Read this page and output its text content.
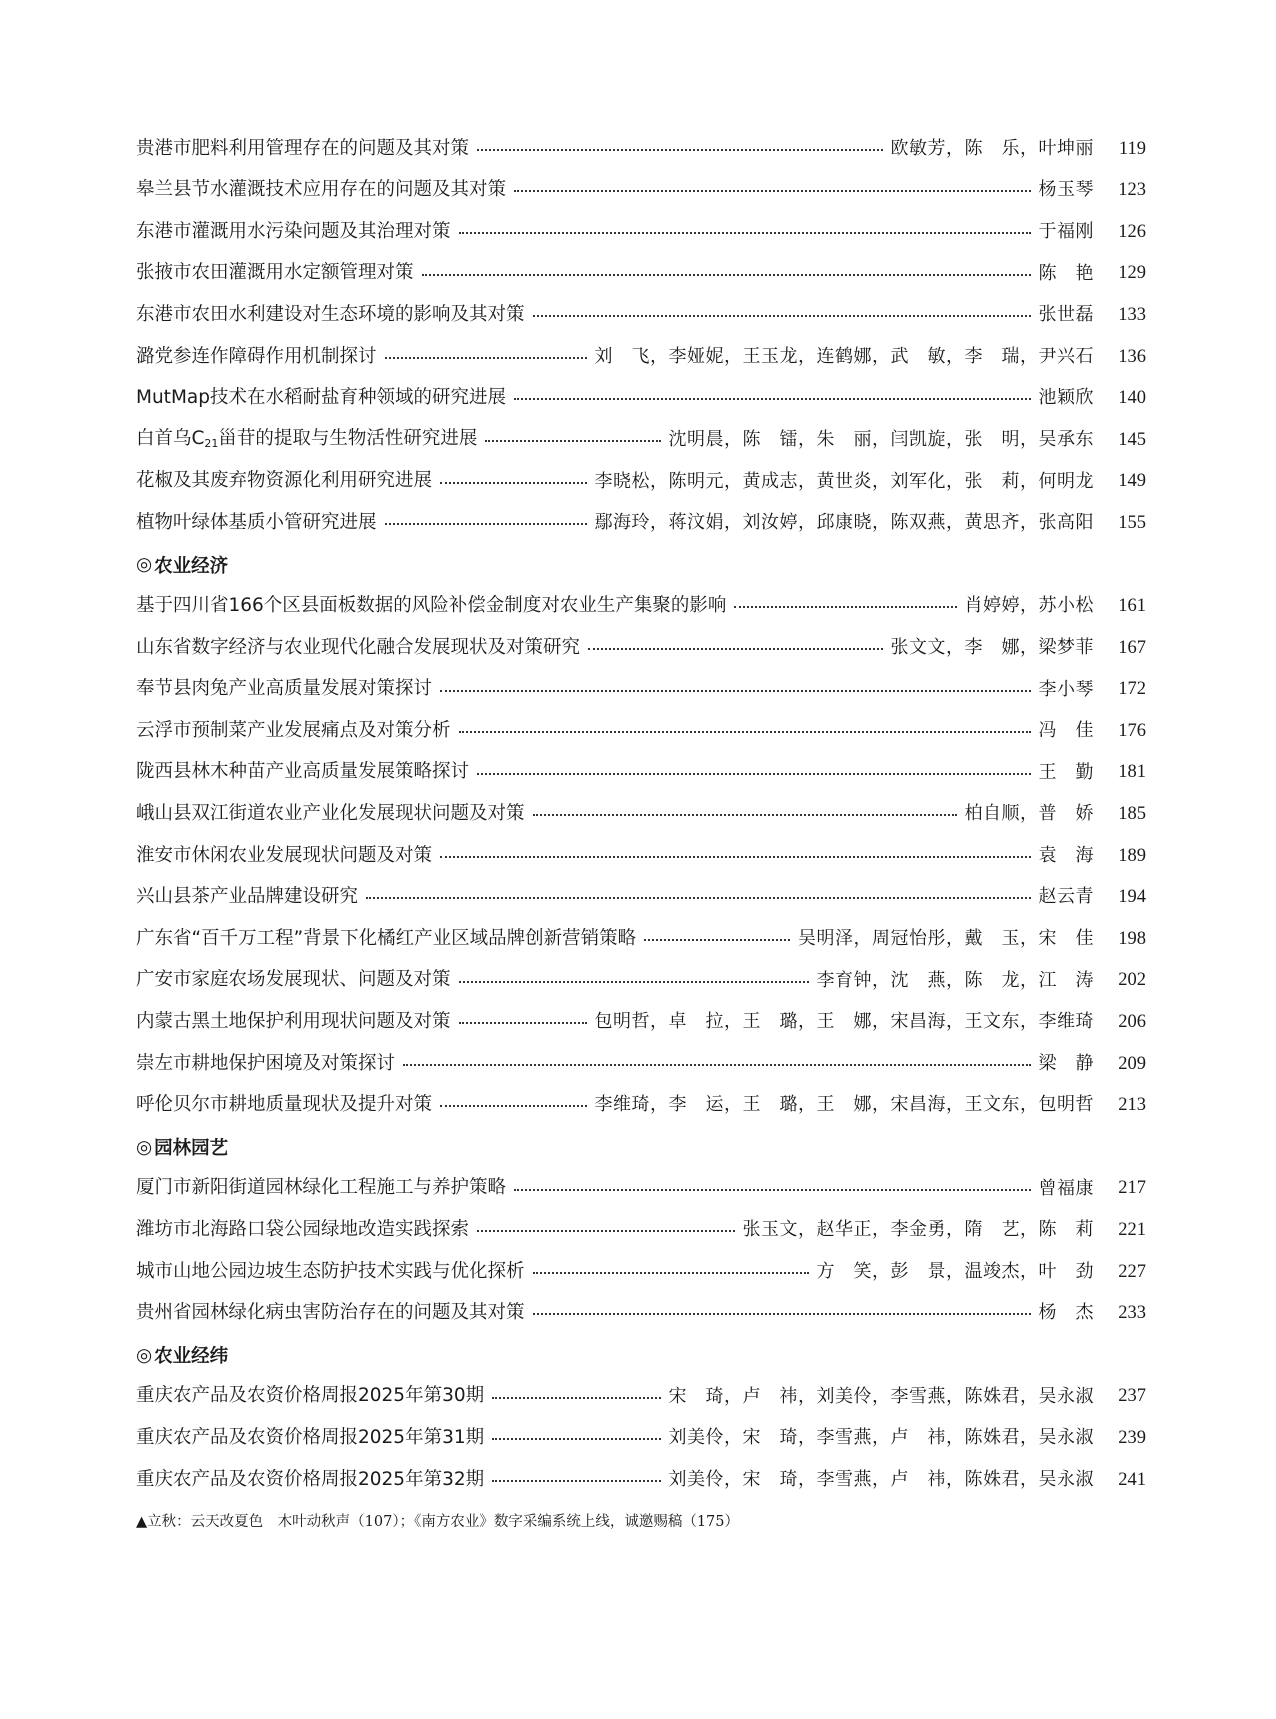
贵港市肥料利用管理存在的问题及其对策	欧敏芳，陈　乐，叶坤丽	119
皋兰县节水灌溉技术应用存在的问题及其对策	杨玉琴	123
东港市灌溉用水污染问题及其治理对策	于福刚	126
张掖市农田灌溉用水定额管理对策	陈　艳	129
东港市农田水利建设对生态环境的影响及其对策	张世磊	133
潞党参连作障碍作用机制探讨	刘　飞，李娅妮，王玉龙，连鹤娜，武　敏，李　瑞，尹兴石	136
MutMap技术在水稻耐盐育种领域的研究进展	池颖欣	140
白首乌$C_{21}$甾苷的提取与生物活性研究进展	沈明晨，陈　镭，朱　丽，闫凯旋，张　明，吴承东	145
花椒及其废弃物资源化利用研究进展	李晓松，陈明元，黄成志，黄世炎，刘军化，张　莉，何明龙	149
植物叶绿体基质小管研究进展	鄢海玲，蒋汶娟，刘汝婷，邱康晓，陈双燕，黄思齐，张高阳	155
◎ 农业经济
基于四川省166个区县面板数据的风险补偿金制度对农业生产集聚的影响	肖婷婷，苏小松	161
山东省数字经济与农业现代化融合发展现状及对策研究	张文文，李　娜，梁梦菲	167
奉节县肉兔产业高质量发展对策探讨	李小琴	172
云浮市预制菜产业发展痛点及对策分析	冯　佳	176
陇西县林木种苗产业高质量发展策略探讨	王　勤	181
峨山县双江街道农业产业化发展现状问题及对策	柏自顺，普　娇	185
淮安市休闲农业发展现状问题及对策	袁　海	189
兴山县茶产业品牌建设研究	赵云青	194
广东省“百千万工程”背景下化橘红产业区域品牌创新营销策略	吴明泽，周冠怡彤，戴　玉，宋　佳	198
广安市家庭农场发展现状、问题及对策	李育钟，沈　燕，陈　龙，江　涛	202
内蒙古黑土地保护利用现状问题及对策	包明哲，卓　拉，王　璐，王　娜，宋昌海，王文东，李维琦	206
崇左市耕地保护困境及对策探讨	梁　静	209
呼伦贝尔市耕地质量现状及提升对策	李维琦，李　运，王　璐，王　娜，宋昌海，王文东，包明哲	213
◎ 园林园艺
厦门市新阳街道园林绿化工程施工与养护策略	曾福康	217
潍坊市北海路口袋公园绿地改造实践探索	张玉文，赵华正，李金勇，隋　艺，陈　莉	221
城市山地公园边坡生态防护技术实践与优化探析	方　笑，彭　景，温竣杰，叶　劲	227
贵州省园林绿化病虫害防治存在的问题及其对策	杨　杰	233
◎ 农业经纬
重庆农产品及农资价格周报2025年第30期	宋　琦，卢　祎，刘美伶，李雪燕，陈姝君，吴永淑	237
重庆农产品及农资价格周报2025年第31期	刘美伶，宋　琦，李雪燕，卢　祎，陈姝君，吴永淑	239
重庆农产品及农资价格周报2025年第32期	刘美伶，宋　琦，李雪燕，卢　祎，陈姝君，吴永淑	241
▲立秋：云天改夏色　木叶动秋声（107）；《南方农业》数字采编系统上线，诚邀赐稿（175）
